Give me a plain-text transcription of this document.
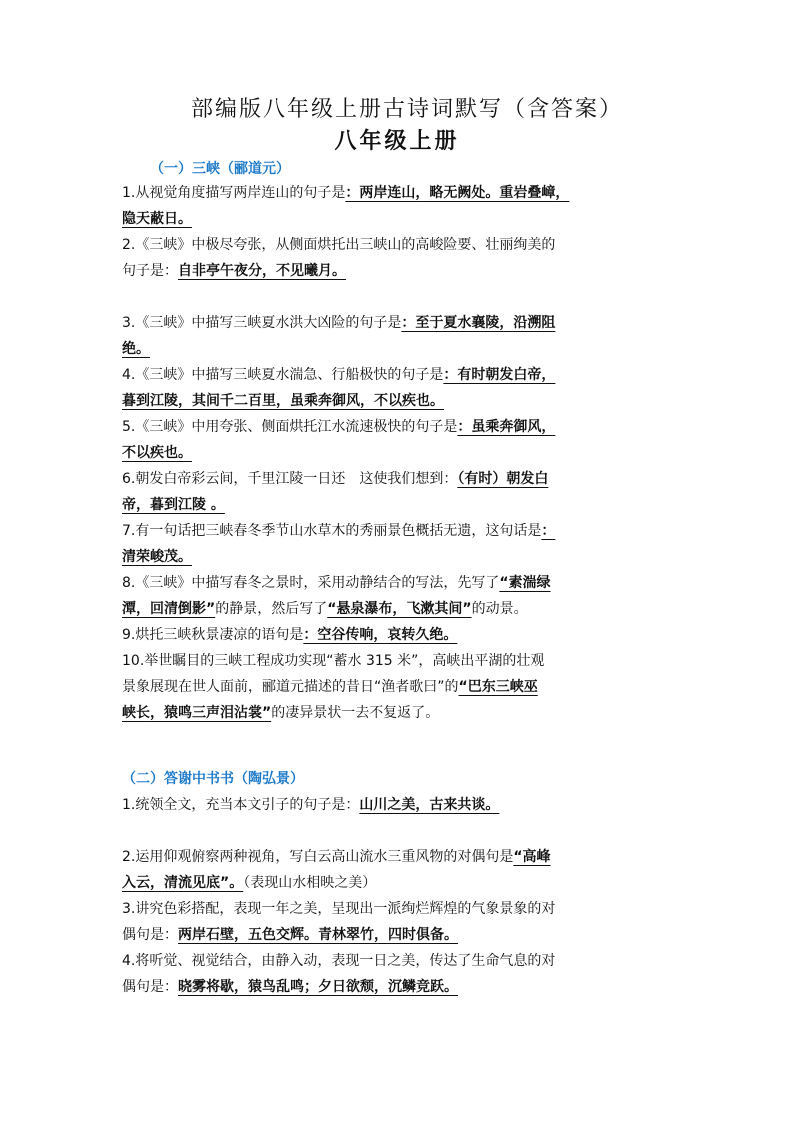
部编版八年级上册古诗词默写（含答案）
八年级上册
（一）三峡（郦道元）
1.从视觉角度描写两岸连山的句子是：两岸连山，略无阙处。重岩叠嶂，
隐天蔽日。
2.《三峡》中极尽夸张，从侧面烘托出三峡山的高峻险要、壮丽绚美的
句子是：自非亭午夜分，不见曦月。
3.《三峡》中描写三峡夏水洪大凶险的句子是：至于夏水襄陵，沿溯阻
绝。
4.《三峡》中描写三峡夏水湍急、行船极快的句子是：有时朝发白帝，
暮到江陵，其间千二百里，虽乘奔御风，不以疾也。
5.《三峡》中用夸张、侧面烘托江水流速极快的句子是：虽乘奔御风，
不以疾也。
6.朝发白帝彩云间，千里江陵一日还　这使我们想到：（有时）朝发白
帝，暮到江陵 。
7.有一句话把三峡春冬季节山水草木的秀丽景色概括无遗，这句话是：
清荣峻茂。
8.《三峡》中描写春冬之景时，采用动静结合的写法，先写了“素湍绿
潭，回清倒影”的静景，然后写了“悬泉瀑布，飞漱其间”的动景。
9.烘托三峡秋景凄凉的语句是：空谷传响，哀转久绝。
10.举世瞩目的三峡工程成功实现“蓄水 315 米”，高峡出平湖的壮观
景象展现在世人面前，郦道元描述的昔日“渔者歌曰”的“巴东三峡巫
峡长，猿鸣三声泪沾裳”的凄异景状一去不复返了。
（二）答谢中书书（陶弘景）
1.统领全文，充当本文引子的句子是：山川之美，古来共谈。
2.运用仰观俯察两种视角，写白云高山流水三重风物的对偶句是“高峰
入云，清流见底”。（表现山水相映之美）
3.讲究色彩搭配，表现一年之美，呈现出一派绚烂辉煌的气象景象的对
偶句是：两岸石壁，五色交辉。青林翠竹，四时俱备。
4.将听觉、视觉结合，由静入动，表现一日之美，传达了生命气息的对
偶句是：晓雾将歇，猿鸟乱鸣；夕日欲颓，沉鳞竞跃。
